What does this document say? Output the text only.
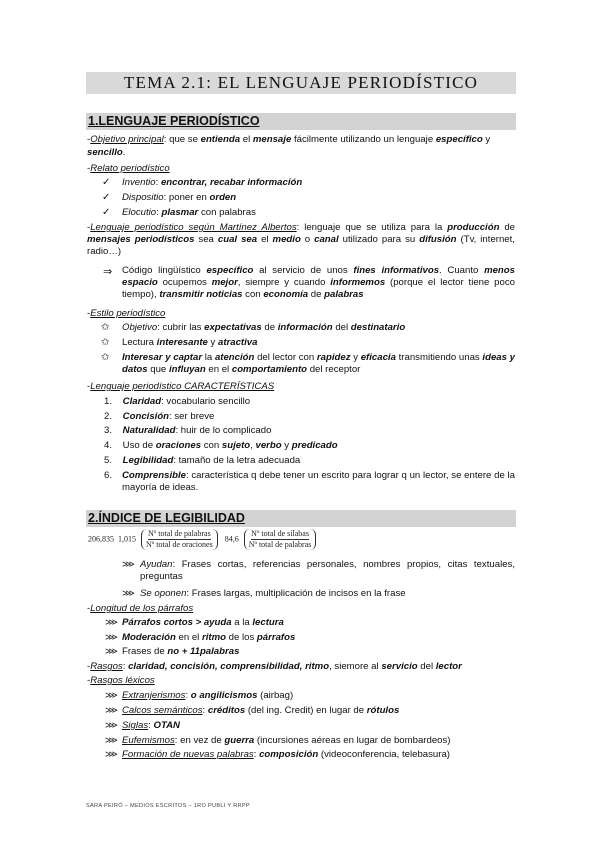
TEMA 2.1: EL LENGUAJE PERIODÍSTICO
1.LENGUAJE PERIODÍSTICO
-Objetivo principal: que se entienda el mensaje fácilmente utilizando un lenguaje específico y
sencillo.
-Relato periodístico
✓ Inventio: encontrar, recabar información
✓ Dispositio: poner en orden
✓ Elocutio: plasmar con palabras
-Lenguaje periodístico según Martínez Albertos: lenguaje que se utiliza para la producción de mensajes periodísticos sea cual sea el medio o canal utilizado para su difusión (Tv, internet, radio…)
⇒ Código lingüístico específico al servicio de unos fines informativos. Cuanto menos espacio ocupemos mejor, siempre y cuando informemos (porque el lector tiene poco tiempo), transmitir noticias con economía de palabras
-Estilo periodístico
✩ Objetivo: cubrir las expectativas de información del destinatario
✩ Lectura interesante y atractiva
✩ Interesar y captar la atención del lector con rapidez y eficacia transmitiendo unas ideas y datos que influyan en el comportamiento del receptor
-Lenguaje periodístico CARACTERÍSTICAS
1.    Claridad: vocabulario sencillo
2.    Concisión: ser breve
3.    Naturalidad: huir de lo complicado
4.    Uso de oraciones con sujeto, verbo y predicado
5.    Legibilidad: tamaño de la letra adecuada
6.	Comprensible: característica q debe tener un escrito para lograr q un lector, se entere de la mayoría de ideas.
2.ÍNDICE DE LEGIBILIDAD
206,835 $1,015 \frac{\text{Nº total de palabras}}{\text{Nº total de oraciones}} 84,6 \frac{\text{Nº total de sílabas}}{\text{Nº total de palabras}}$
⋙ Ayudan: Frases cortas, referencias personales, nombres propios, citas textuales, preguntas
⋙ Se oponen: Frases largas, multiplicación de incisos en la frase
-Longitud de los párrafos
⋙ Párrafos cortos > ayuda a la lectura
⋙ Moderación en el ritmo de los párrafos
⋙ Frases de no + 11palabras
-Rasgos: claridad, concisión, comprensibilidad, ritmo, siemore al servicio del lector
-Rasgos léxicos
⋙ Extranjerismos: o angilicismos (airbag)
⋙ Calcos semánticos: créditos (del ing. Credit) en lugar de rótulos
⋙ Siglas: OTAN
⋙ Eufemismos: en vez de guerra (incursiones aéreas en lugar de bombardeos)
⋙ Formación de nuevas palabras: composición (videoconferencia, telebasura)
SARA PEIRÓ – MEDIOS ESCRITOS – 1RO PUBLI Y RRPP
